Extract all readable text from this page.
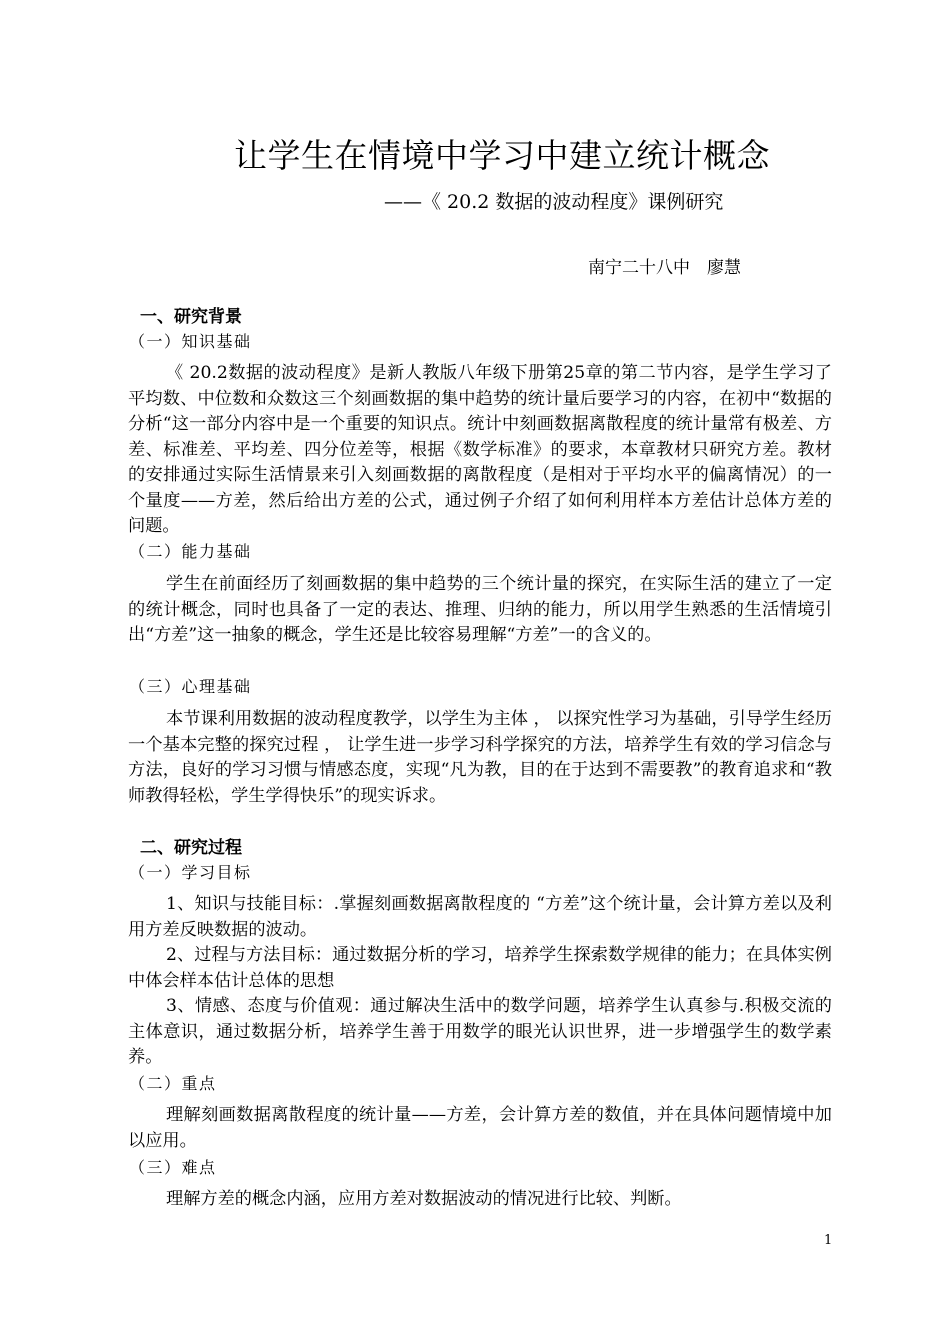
让学生在情境中学习中建立统计概念
——《 20.2 数据的波动程度》课例研究
南宁二十八中　廖慧
一、研究背景
（一）知识基础

《 20.2数据的波动程度》是新人教版八年级下册第25章的第二节内容，是学生学习了平均数、中位数和众数这三个刻画数据的集中趋势的统计量后要学习的内容，在初中“数据的分析“这一部分内容中是一个重要的知识点。统计中刻画数据离散程度的统计量常有极差、方差、标准差、平均差、四分位差等，根据《数学标准》的要求，本章教材只研究方差。教材的安排通过实际生活情景来引入刻画数据的离散程度（是相对于平均水平的偏离情况）的一个量度——方差，然后给出方差的公式，通过例子介绍了如何利用样本方差估计总体方差的问题。

（二）能力基础

学生在前面经历了刻画数据的集中趋势的三个统计量的探究，在实际生活的建立了一定的统计概念，同时也具备了一定的表达、推理、归纳的能力，所以用学生熟悉的生活情境引出“方差”这一抽象的概念，学生还是比较容易理解“方差”一的含义的。

（三）心理基础

本节课利用数据的波动程度教学，以学生为主体 ， 以探究性学习为基础，引导学生经历一个基本完整的探究过程 ， 让学生进一步学习科学探究的方法，培养学生有效的学习信念与方法，良好的学习习惯与情感态度，实现“凡为教，目的在于达到不需要教”的教育追求和“教师教得轻松，学生学得快乐”的现实诉求。

二、研究过程
（一）学习目标

1、知识与技能目标：.掌握刻画数据离散程度的 “方差”这个统计量，会计算方差以及利用方差反映数据的波动。

2、过程与方法目标：通过数据分析的学习，培养学生探索数学规律的能力；在具体实例中体会样本估计总体的思想

3、情感、态度与价值观：通过解决生活中的数学问题，培养学生认真参与.积极交流的主体意识，通过数据分析，培养学生善于用数学的眼光认识世界，进一步增强学生的数学素养。

（二）重点

理解刻画数据离散程度的统计量——方差，会计算方差的数值，并在具体问题情境中加以应用。

（三）难点

理解方差的概念内涵，应用方差对数据波动的情况进行比较、判断。

1
